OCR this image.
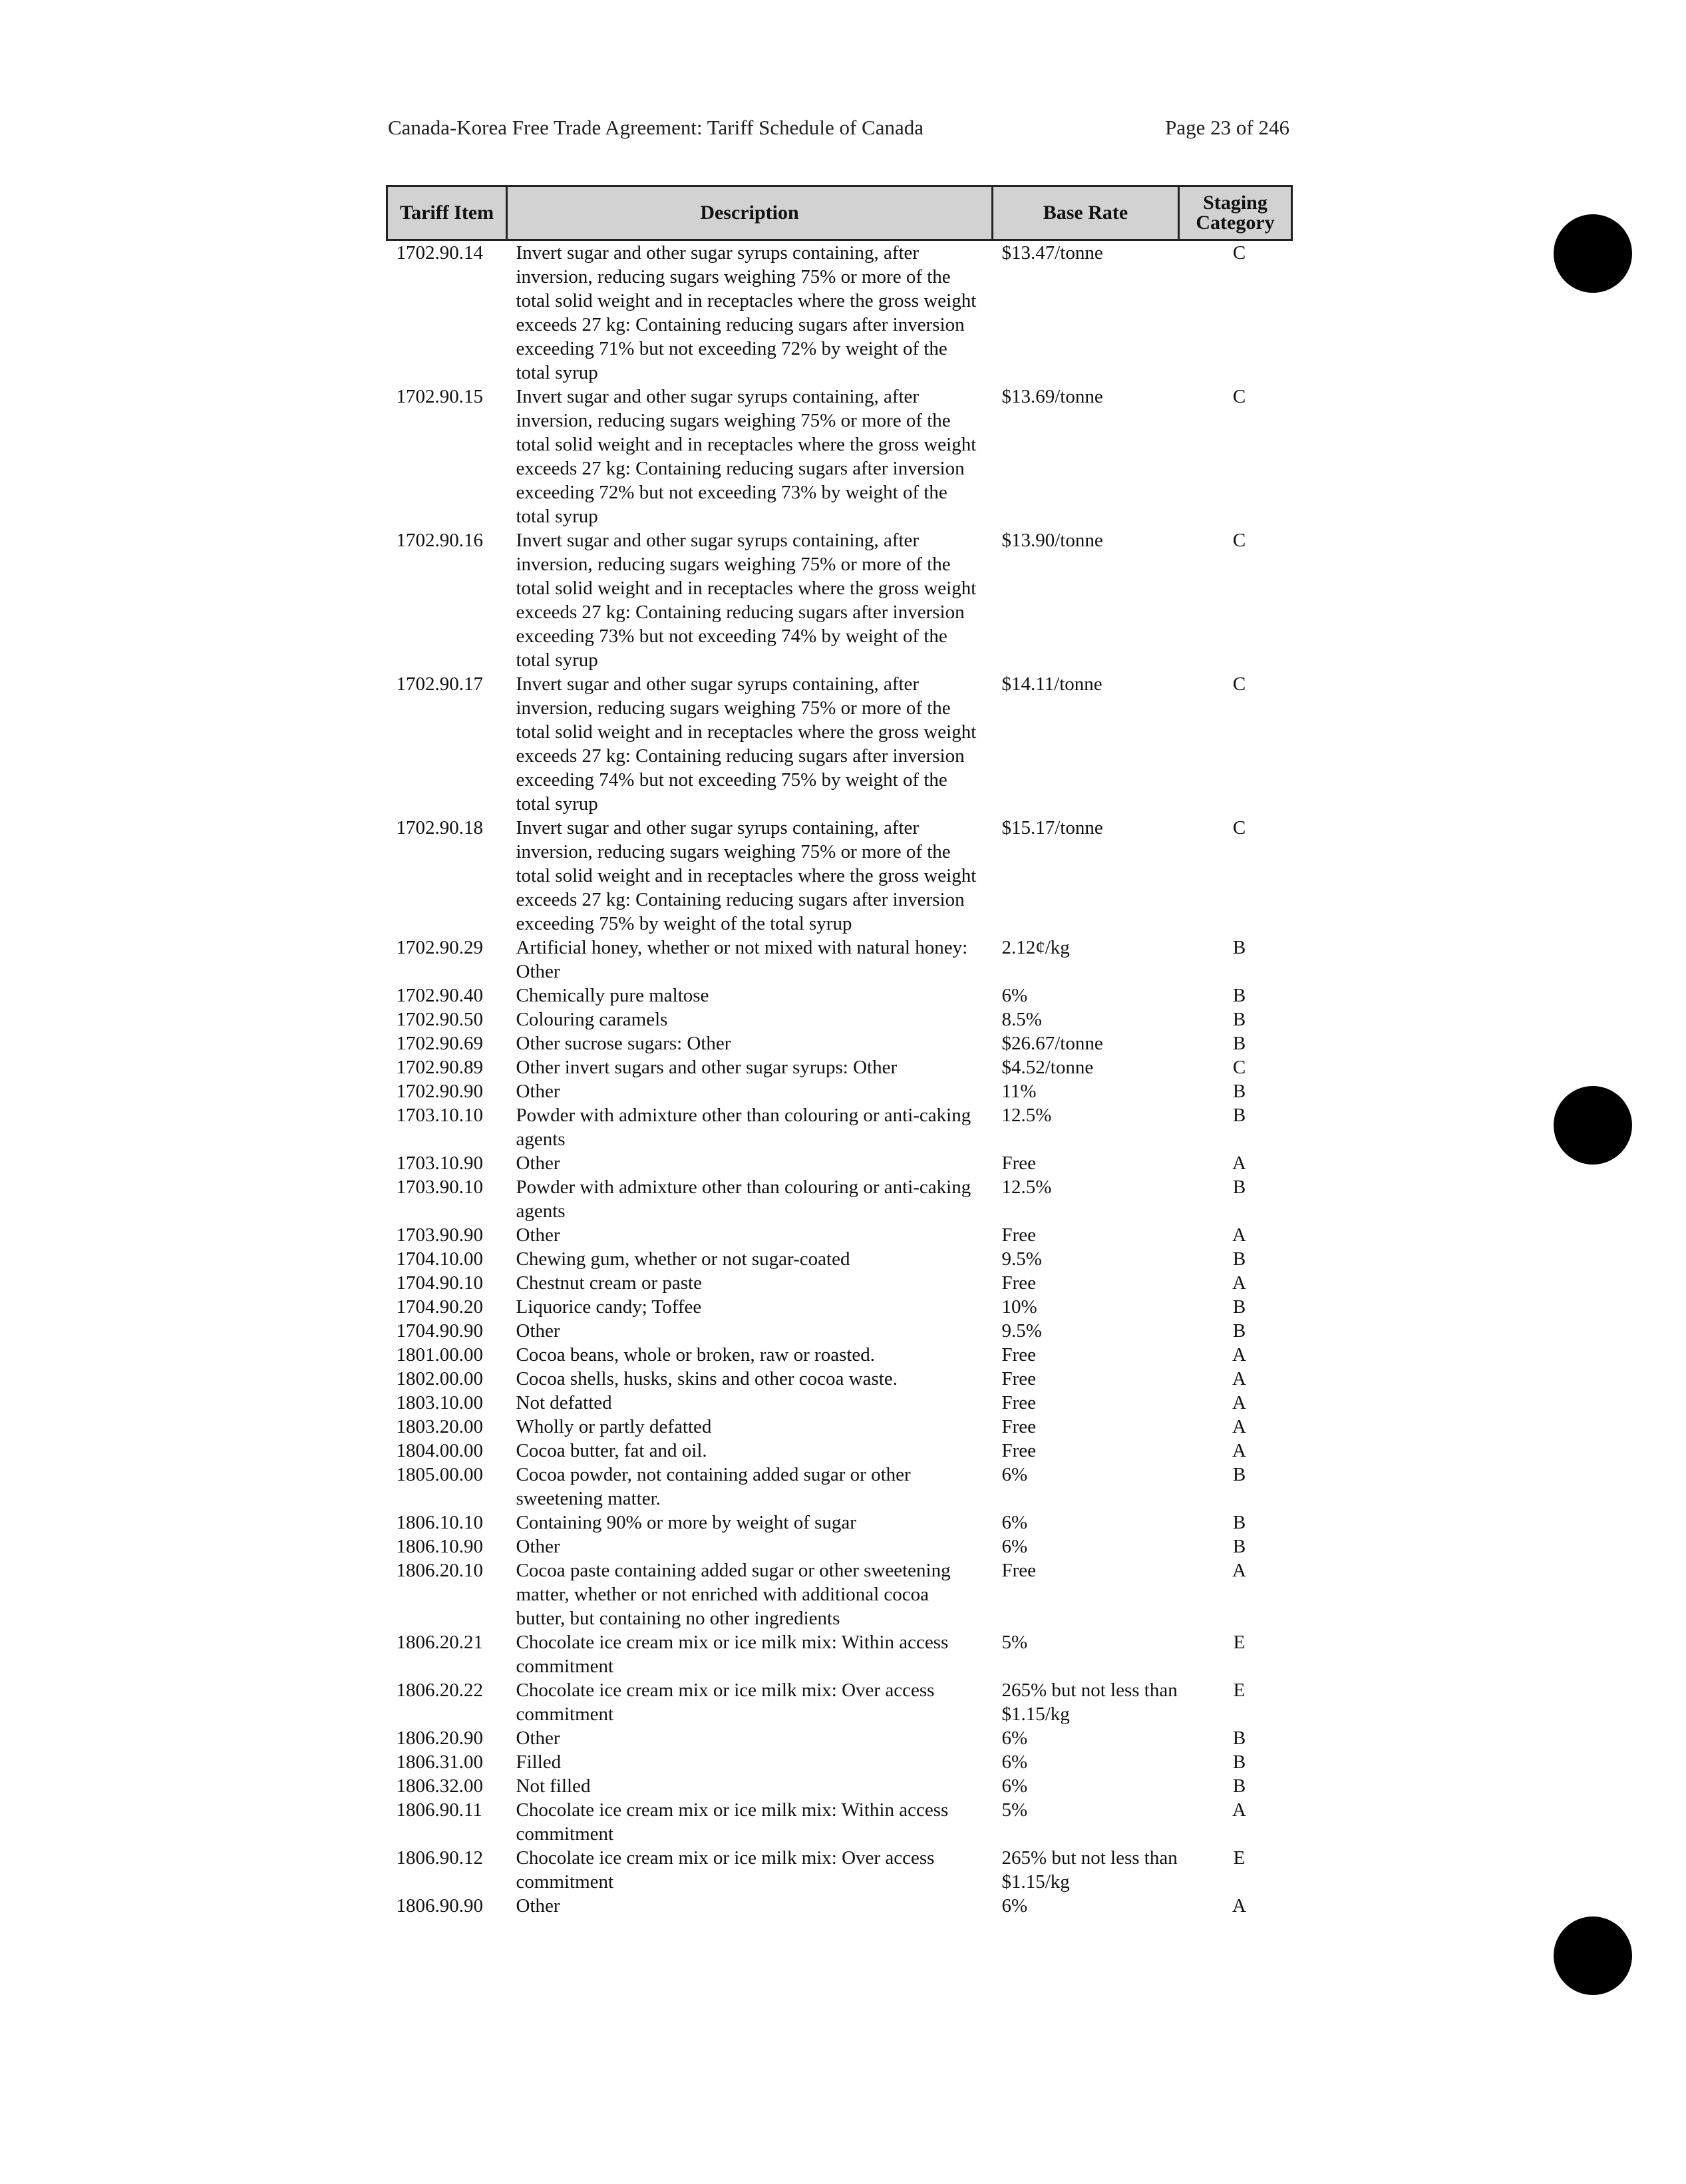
Canada-Korea Free Trade Agreement: Tariff Schedule of Canada	Page 23 of 246
Tariff Item	Description	Base Rate	Staging Category
1702.90.14	Invert sugar and other sugar syrups containing, after inversion, reducing sugars weighing 75% or more of the total solid weight and in receptacles where the gross weight exceeds 27 kg: Containing reducing sugars after inversion exceeding 71% but not exceeding 72% by weight of the total syrup	$13.47/tonne	C
1702.90.15	Invert sugar and other sugar syrups containing, after inversion, reducing sugars weighing 75% or more of the total solid weight and in receptacles where the gross weight exceeds 27 kg: Containing reducing sugars after inversion exceeding 72% but not exceeding 73% by weight of the total syrup	$13.69/tonne	C
1702.90.16	Invert sugar and other sugar syrups containing, after inversion, reducing sugars weighing 75% or more of the total solid weight and in receptacles where the gross weight exceeds 27 kg: Containing reducing sugars after inversion exceeding 73% but not exceeding 74% by weight of the total syrup	$13.90/tonne	C
1702.90.17	Invert sugar and other sugar syrups containing, after inversion, reducing sugars weighing 75% or more of the total solid weight and in receptacles where the gross weight exceeds 27 kg: Containing reducing sugars after inversion exceeding 74% but not exceeding 75% by weight of the total syrup	$14.11/tonne	C
1702.90.18	Invert sugar and other sugar syrups containing, after inversion, reducing sugars weighing 75% or more of the total solid weight and in receptacles where the gross weight exceeds 27 kg: Containing reducing sugars after inversion exceeding 75% by weight of the total syrup	$15.17/tonne	C
1702.90.29	Artificial honey, whether or not mixed with natural honey: Other	2.12¢/kg	B
1702.90.40	Chemically pure maltose	6%	B
1702.90.50	Colouring caramels	8.5%	B
1702.90.69	Other sucrose sugars: Other	$26.67/tonne	B
1702.90.89	Other invert sugars and other sugar syrups: Other	$4.52/tonne	C
1702.90.90	Other	11%	B
1703.10.10	Powder with admixture other than colouring or anti-caking agents	12.5%	B
1703.10.90	Other	Free	A
1703.90.10	Powder with admixture other than colouring or anti-caking agents	12.5%	B
1703.90.90	Other	Free	A
1704.10.00	Chewing gum, whether or not sugar-coated	9.5%	B
1704.90.10	Chestnut cream or paste	Free	A
1704.90.20	Liquorice candy; Toffee	10%	B
1704.90.90	Other	9.5%	B
1801.00.00	Cocoa beans, whole or broken, raw or roasted.	Free	A
1802.00.00	Cocoa shells, husks, skins and other cocoa waste.	Free	A
1803.10.00	Not defatted	Free	A
1803.20.00	Wholly or partly defatted	Free	A
1804.00.00	Cocoa butter, fat and oil.	Free	A
1805.00.00	Cocoa powder, not containing added sugar or other sweetening matter.	6%	B
1806.10.10	Containing 90% or more by weight of sugar	6%	B
1806.10.90	Other	6%	B
1806.20.10	Cocoa paste containing added sugar or other sweetening matter, whether or not enriched with additional cocoa butter, but containing no other ingredients	Free	A
1806.20.21	Chocolate ice cream mix or ice milk mix: Within access commitment	5%	E
1806.20.22	Chocolate ice cream mix or ice milk mix: Over access commitment	265% but not less than $1.15/kg	E
1806.20.90	Other	6%	B
1806.31.00	Filled	6%	B
1806.32.00	Not filled	6%	B
1806.90.11	Chocolate ice cream mix or ice milk mix: Within access commitment	5%	A
1806.90.12	Chocolate ice cream mix or ice milk mix: Over access commitment	265% but not less than $1.15/kg	E
1806.90.90	Other	6%	A
